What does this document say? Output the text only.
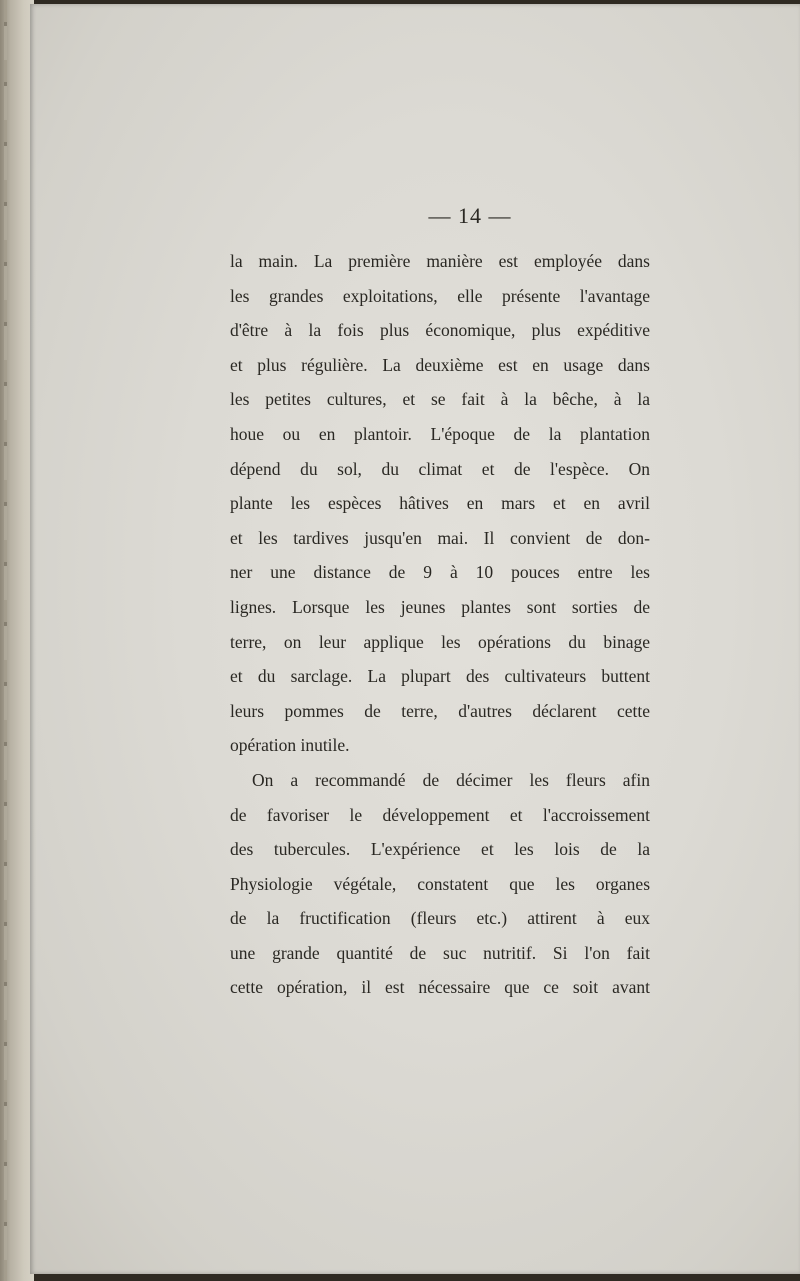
— 14 —
la main. La première manière est employée dans
les grandes exploitations, elle présente l'avantage
d'être à la fois plus économique, plus expéditive
et plus régulière. La deuxième est en usage dans
les petites cultures, et se fait à la bêche, à la
houe ou en plantoir. L'époque de la plantation
dépend du sol, du climat et de l'espèce. On
plante les espèces hâtives en mars et en avril
et les tardives jusqu'en mai. Il convient de don-
ner une distance de 9 à 10 pouces entre les
lignes. Lorsque les jeunes plantes sont sorties de
terre, on leur applique les opérations du binage
et du sarclage. La plupart des cultivateurs buttent
leurs pommes de terre, d'autres déclarent cette
opération inutile.
On a recommandé de décimer les fleurs afin
de favoriser le développement et l'accroissement
des tubercules. L'expérience et les lois de la
Physiologie végétale, constatent que les organes
de la fructification (fleurs etc.) attirent à eux
une grande quantité de suc nutritif. Si l'on fait
cette opération, il est nécessaire que ce soit avant
